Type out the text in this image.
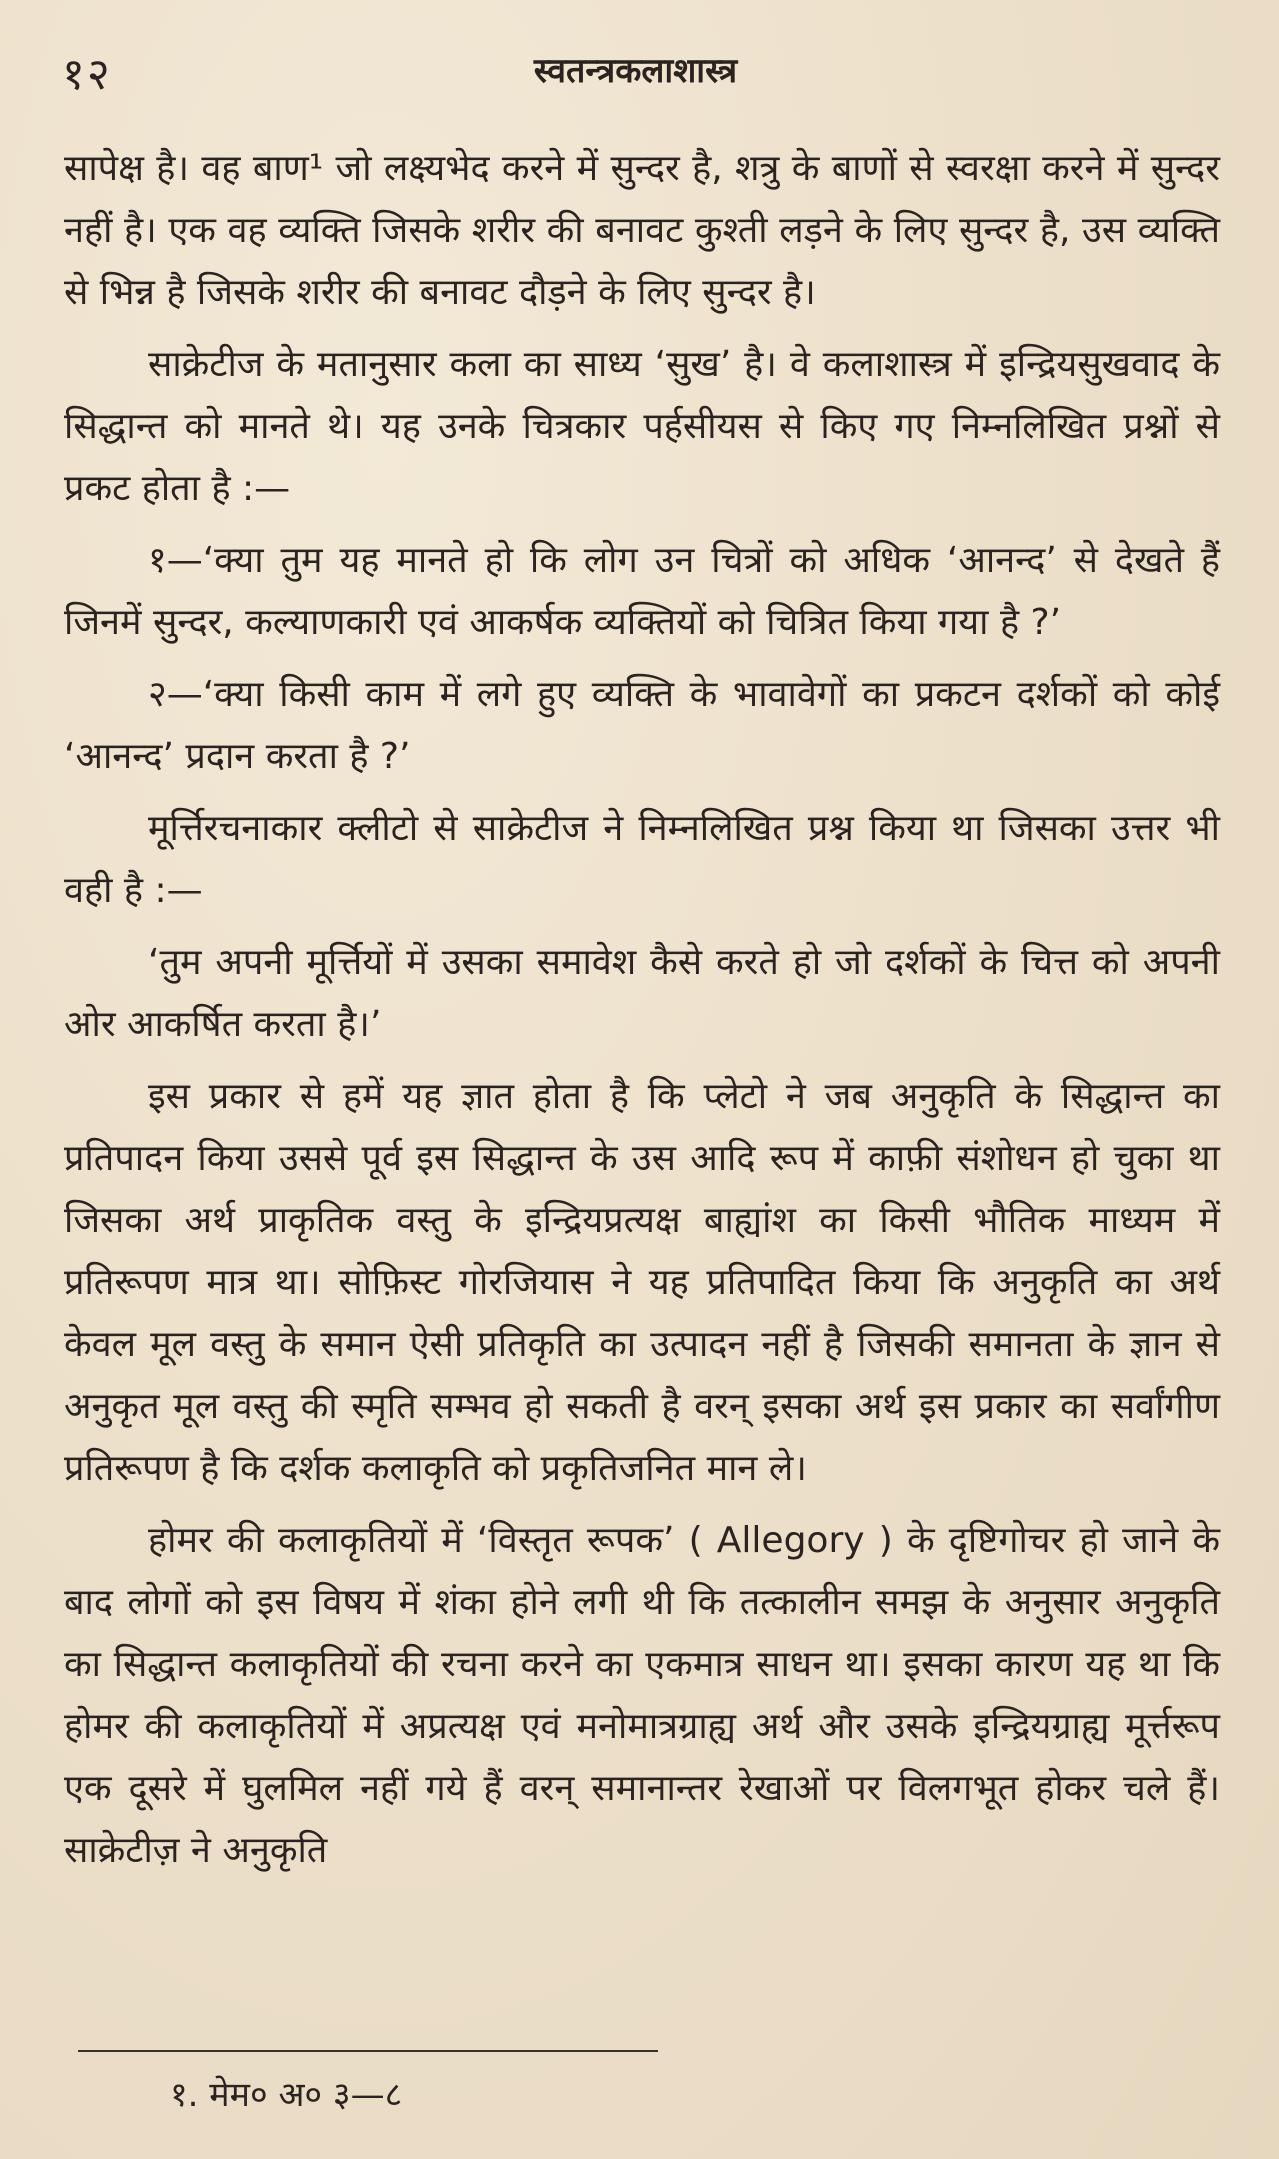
१२	स्वतन्त्रकलाशास्त्र

सापेक्ष है। वह बाण¹ जो लक्ष्यभेद करने में सुन्दर है, शत्रु के बाणों से स्वरक्षा करने में सुन्दर नहीं है। एक वह व्यक्ति जिसके शरीर की बनावट कुश्ती लड़ने के लिए सुन्दर है, उस व्यक्ति से भिन्न है जिसके शरीर की बनावट दौड़ने के लिए सुन्दर है।

साक्रेटीज के मतानुसार कला का साध्य ‘सुख’ है। वे कलाशास्त्र में इन्द्रियसुखवाद के सिद्धान्त को मानते थे। यह उनके चित्रकार पर्हसीयस से किए गए निम्नलिखित प्रश्नों से प्रकट होता है :—

१—‘क्या तुम यह मानते हो कि लोग उन चित्रों को अधिक ‘आनन्द’ से देखते हैं जिनमें सुन्दर, कल्याणकारी एवं आकर्षक व्यक्तियों को चित्रित किया गया है ?’

२—‘क्या किसी काम में लगे हुए व्यक्ति के भावावेगों का प्रकटन दर्शकों को कोई ‘आनन्द’ प्रदान करता है ?’

मूर्त्तिरचनाकार क्लीटो से साक्रेटीज ने निम्नलिखित प्रश्न किया था जिसका उत्तर भी वही है :—

‘तुम अपनी मूर्त्तियों में उसका समावेश कैसे करते हो जो दर्शकों के चित्त को अपनी ओर आकर्षित करता है।’

इस प्रकार से हमें यह ज्ञात होता है कि प्लेटो ने जब अनुकृति के सिद्धान्त का प्रतिपादन किया उससे पूर्व इस सिद्धान्त के उस आदि रूप में काफ़ी संशोधन हो चुका था जिसका अर्थ प्राकृतिक वस्तु के इन्द्रियप्रत्यक्ष बाह्यांश का किसी भौतिक माध्यम में प्रतिरूपण मात्र था। सोफ़िस्ट गोरजियास ने यह प्रतिपादित किया कि अनुकृति का अर्थ केवल मूल वस्तु के समान ऐसी प्रतिकृति का उत्पादन नहीं है जिसकी समानता के ज्ञान से अनुकृत मूल वस्तु की स्मृति सम्भव हो सकती है वरन् इसका अर्थ इस प्रकार का सर्वांगीण प्रतिरूपण है कि दर्शक कलाकृति को प्रकृतिजनित मान ले।

होमर की कलाकृतियों में ‘विस्तृत रूपक’ ( Allegory ) के दृष्टिगोचर हो जाने के बाद लोगों को इस विषय में शंका होने लगी थी कि तत्कालीन समझ के अनुसार अनुकृति का सिद्धान्त कलाकृतियों की रचना करने का एकमात्र साधन था। इसका कारण यह था कि होमर की कलाकृतियों में अप्रत्यक्ष एवं मनोमात्रग्राह्य अर्थ और उसके इन्द्रियग्राह्य मूर्त्तरूप एक दूसरे में घुलमिल नहीं गये हैं वरन् समानान्तर रेखाओं पर विलगभूत होकर चले हैं। साक्रेटीज़ ने अनुकृति

१. मेम० अ० ३—८
